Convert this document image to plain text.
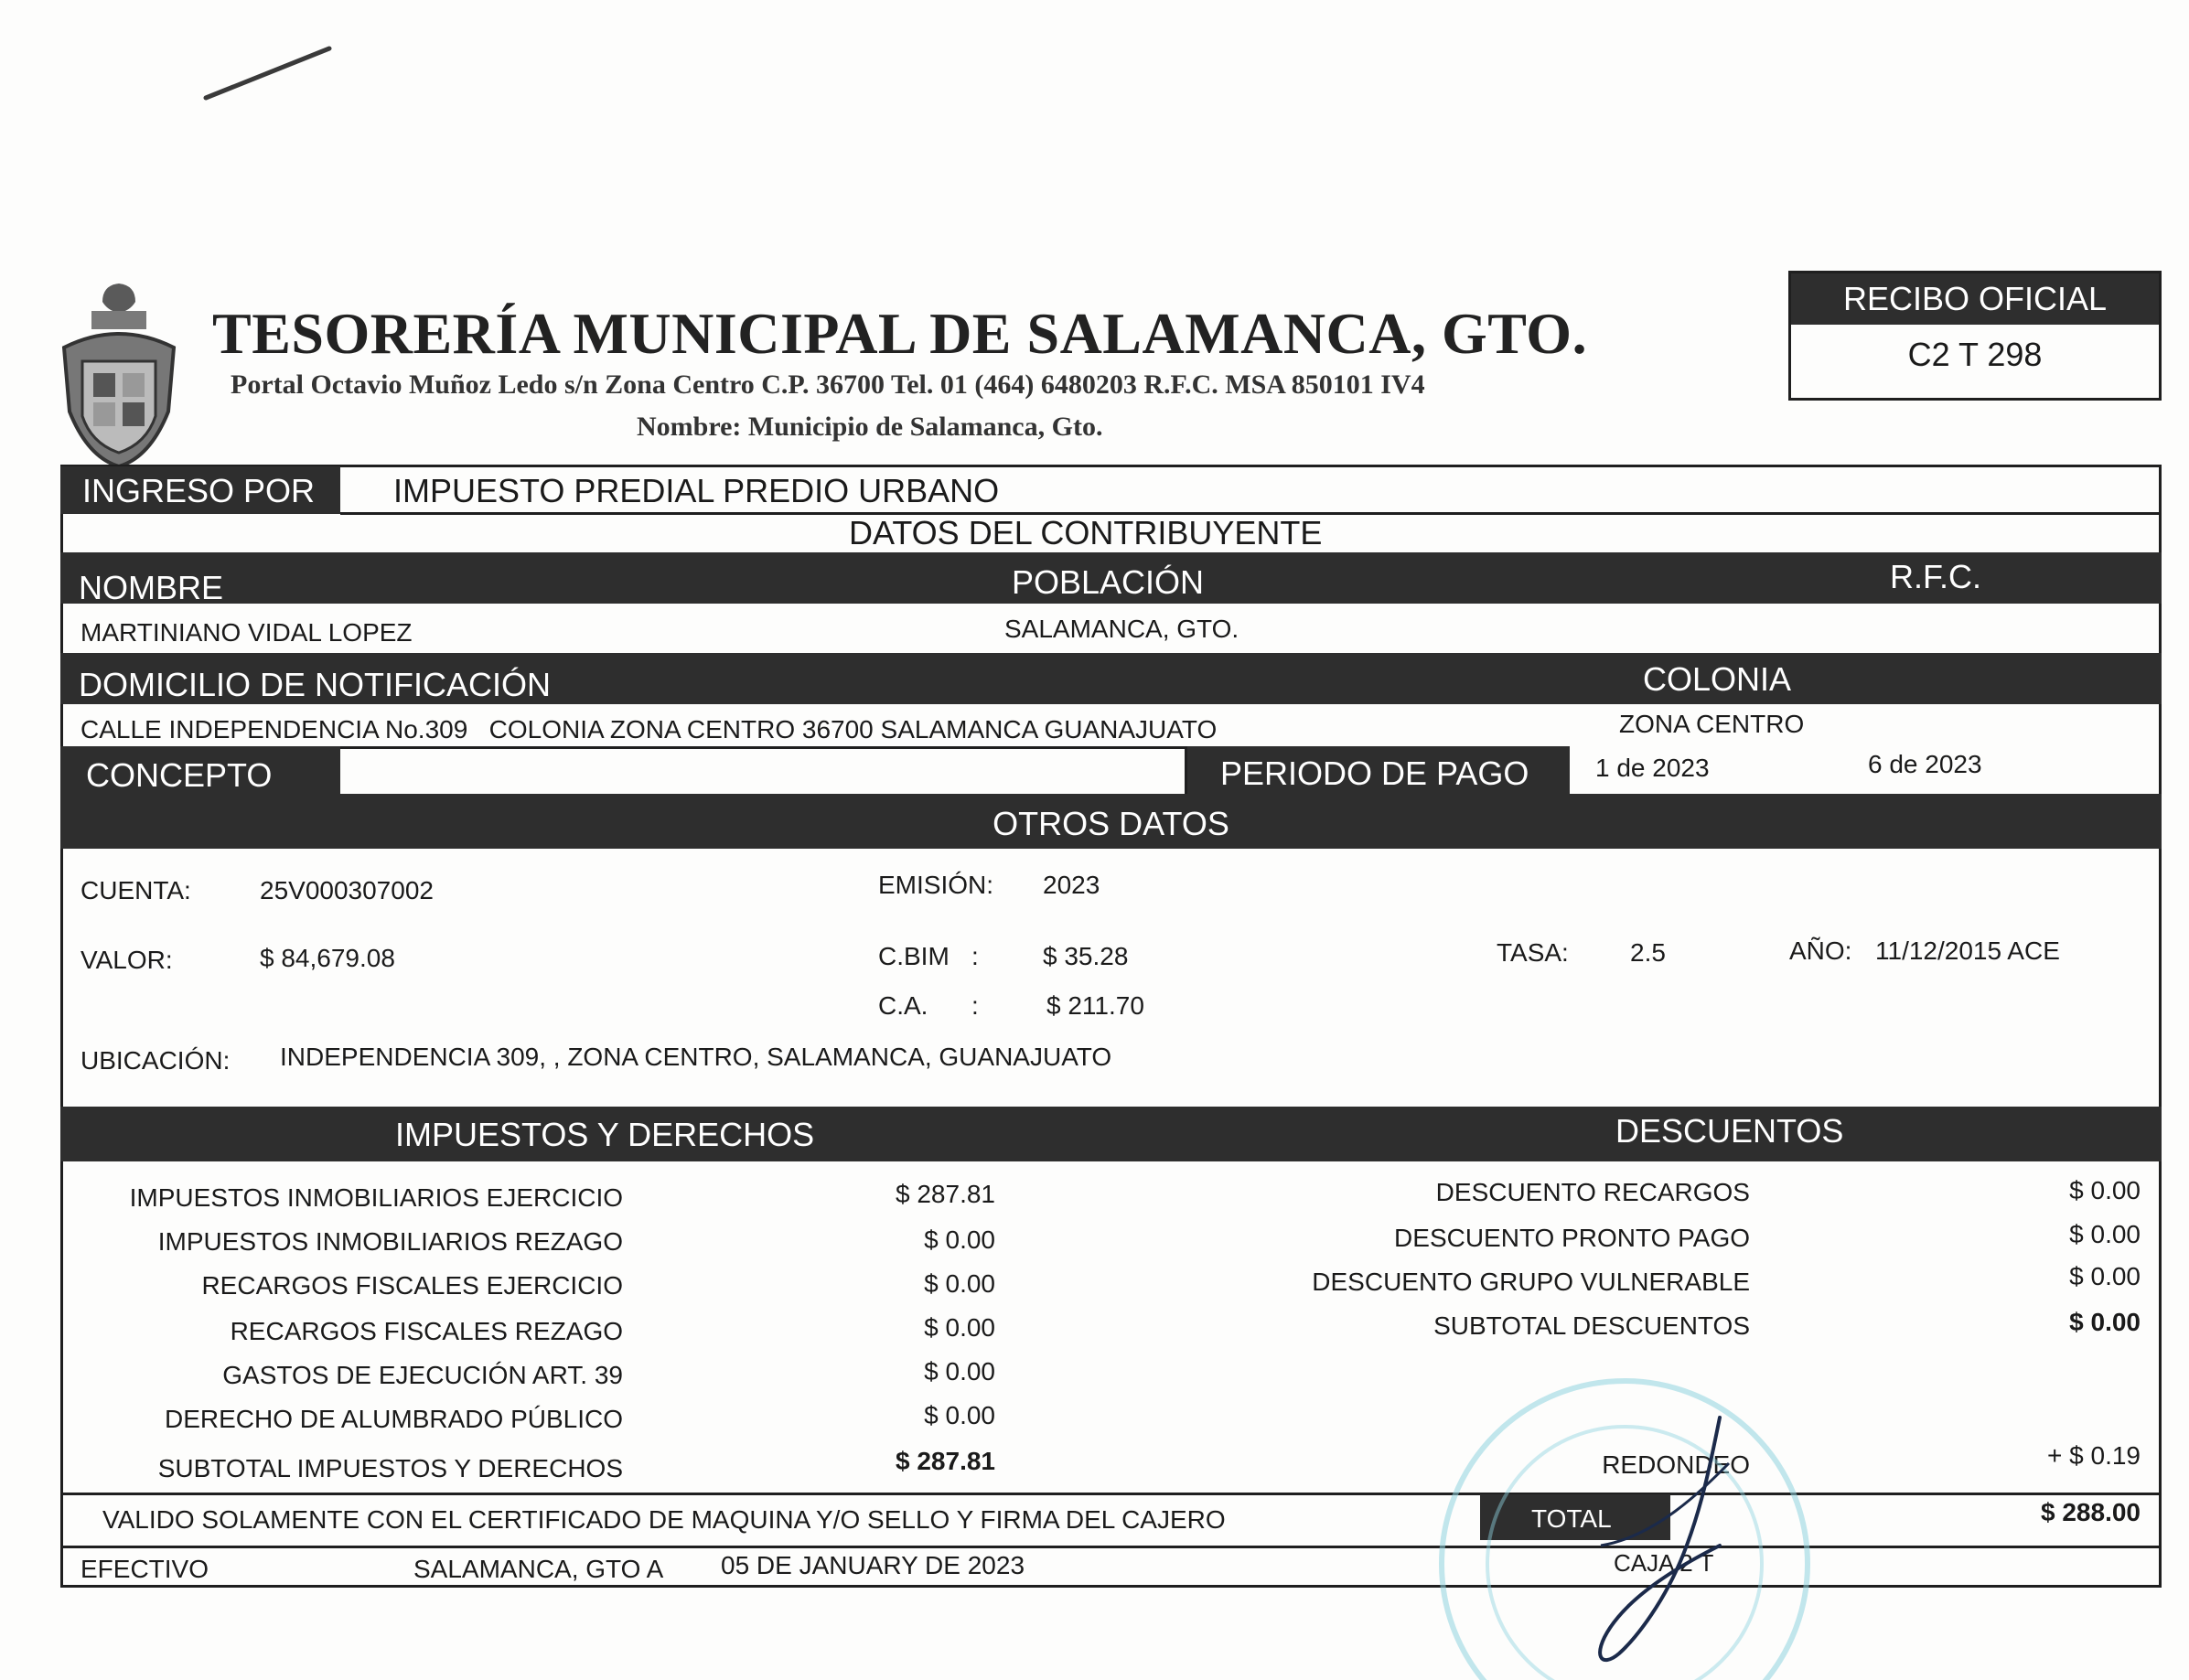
TESORERÍA MUNICIPAL DE SALAMANCA, GTO.
Portal Octavio Muñoz Ledo s/n Zona Centro C.P. 36700 Tel. 01 (464) 6480203 R.F.C. MSA 850101 IV4
Nombre: Municipio de Salamanca, Gto.
RECIBO OFICIAL
C2 T 298
INGRESO POR	IMPUESTO PREDIAL PREDIO URBANO
DATOS DEL CONTRIBUYENTE
NOMBRE	POBLACIÓN	R.F.C.
MARTINIANO VIDAL LOPEZ	SALAMANCA, GTO.
DOMICILIO DE NOTIFICACIÓN	COLONIA
CALLE INDEPENDENCIA No.309   COLONIA ZONA CENTRO 36700 SALAMANCA GUANAJUATO	ZONA CENTRO
CONCEPTO	PERIODO DE PAGO	1 de 2023	6 de 2023
OTROS DATOS
CUENTA:	25V000307002	EMISIÓN: 2023
VALOR:	$ 84,679.08	C.BIM :	$ 35.28	TASA: 2.5	AÑO: 11/12/2015 ACE
C.A. :	$ 211.70
UBICACIÓN: INDEPENDENCIA 309, , ZONA CENTRO, SALAMANCA, GUANAJUATO
IMPUESTOS Y DERECHOS	DESCUENTOS
IMPUESTOS INMOBILIARIOS EJERCICIO	$ 287.81
IMPUESTOS INMOBILIARIOS REZAGO	$ 0.00
RECARGOS FISCALES EJERCICIO	$ 0.00
RECARGOS FISCALES REZAGO	$ 0.00
GASTOS DE EJECUCIÓN ART. 39	$ 0.00
DERECHO DE ALUMBRADO PÚBLICO	$ 0.00
SUBTOTAL IMPUESTOS Y DERECHOS	$ 287.81
DESCUENTO RECARGOS	$ 0.00
DESCUENTO PRONTO PAGO	$ 0.00
DESCUENTO GRUPO VULNERABLE	$ 0.00
SUBTOTAL DESCUENTOS	$ 0.00
REDONDEO	+ $ 0.19
VALIDO SOLAMENTE CON EL CERTIFICADO DE MAQUINA Y/O SELLO Y FIRMA DEL CAJERO	TOTAL	$ 288.00
EFECTIVO	SALAMANCA, GTO A 05 DE JANUARY DE 2023	CAJA 2 T
